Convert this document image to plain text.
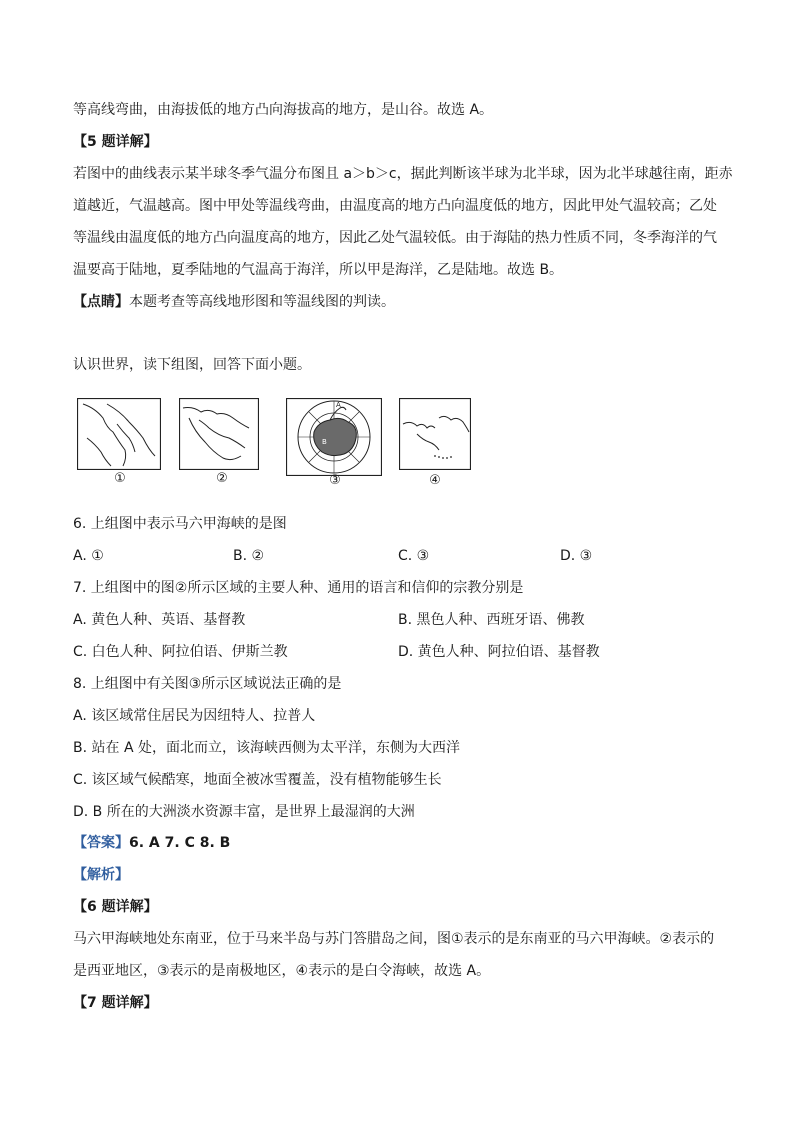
等高线弯曲，由海拔低的地方凸向海拔高的地方，是山谷。故选 A。
【5 题详解】
若图中的曲线表示某半球冬季气温分布图且 a＞b＞c，据此判断该半球为北半球，因为北半球越往南，距赤
道越近，气温越高。图中甲处等温线弯曲，由温度高的地方凸向温度低的地方，因此甲处气温较高；乙处
等温线由温度低的地方凸向温度高的地方，因此乙处气温较低。由于海陆的热力性质不同，冬季海洋的气
温要高于陆地，夏季陆地的气温高于海洋，所以甲是海洋，乙是陆地。故选 B。
【点睛】本题考查等高线地形图和等温线图的判读。
认识世界，读下组图，回答下面小题。
A
B
①	②	③	④
6. 上组图中表示马六甲海峡的是图
A. ①	B. ②	C. ③	D. ③
7. 上组图中的图②所示区域的主要人种、通用的语言和信仰的宗教分别是
A. 黄色人种、英语、基督教	B. 黑色人种、西班牙语、佛教
C. 白色人种、阿拉伯语、伊斯兰教	D. 黄色人种、阿拉伯语、基督教
8. 上组图中有关图③所示区域说法正确的是
A. 该区域常住居民为因纽特人、拉普人
B. 站在 A 处，面北而立，该海峡西侧为太平洋，东侧为大西洋
C. 该区域气候酷寒，地面全被冰雪覆盖，没有植物能够生长
D. B 所在的大洲淡水资源丰富，是世界上最湿润的大洲
【答案】6. A 7. C 8. B
【解析】
【6 题详解】
马六甲海峡地处东南亚，位于马来半岛与苏门答腊岛之间，图①表示的是东南亚的马六甲海峡。②表示的
是西亚地区，③表示的是南极地区，④表示的是白令海峡，故选 A。
【7 题详解】
